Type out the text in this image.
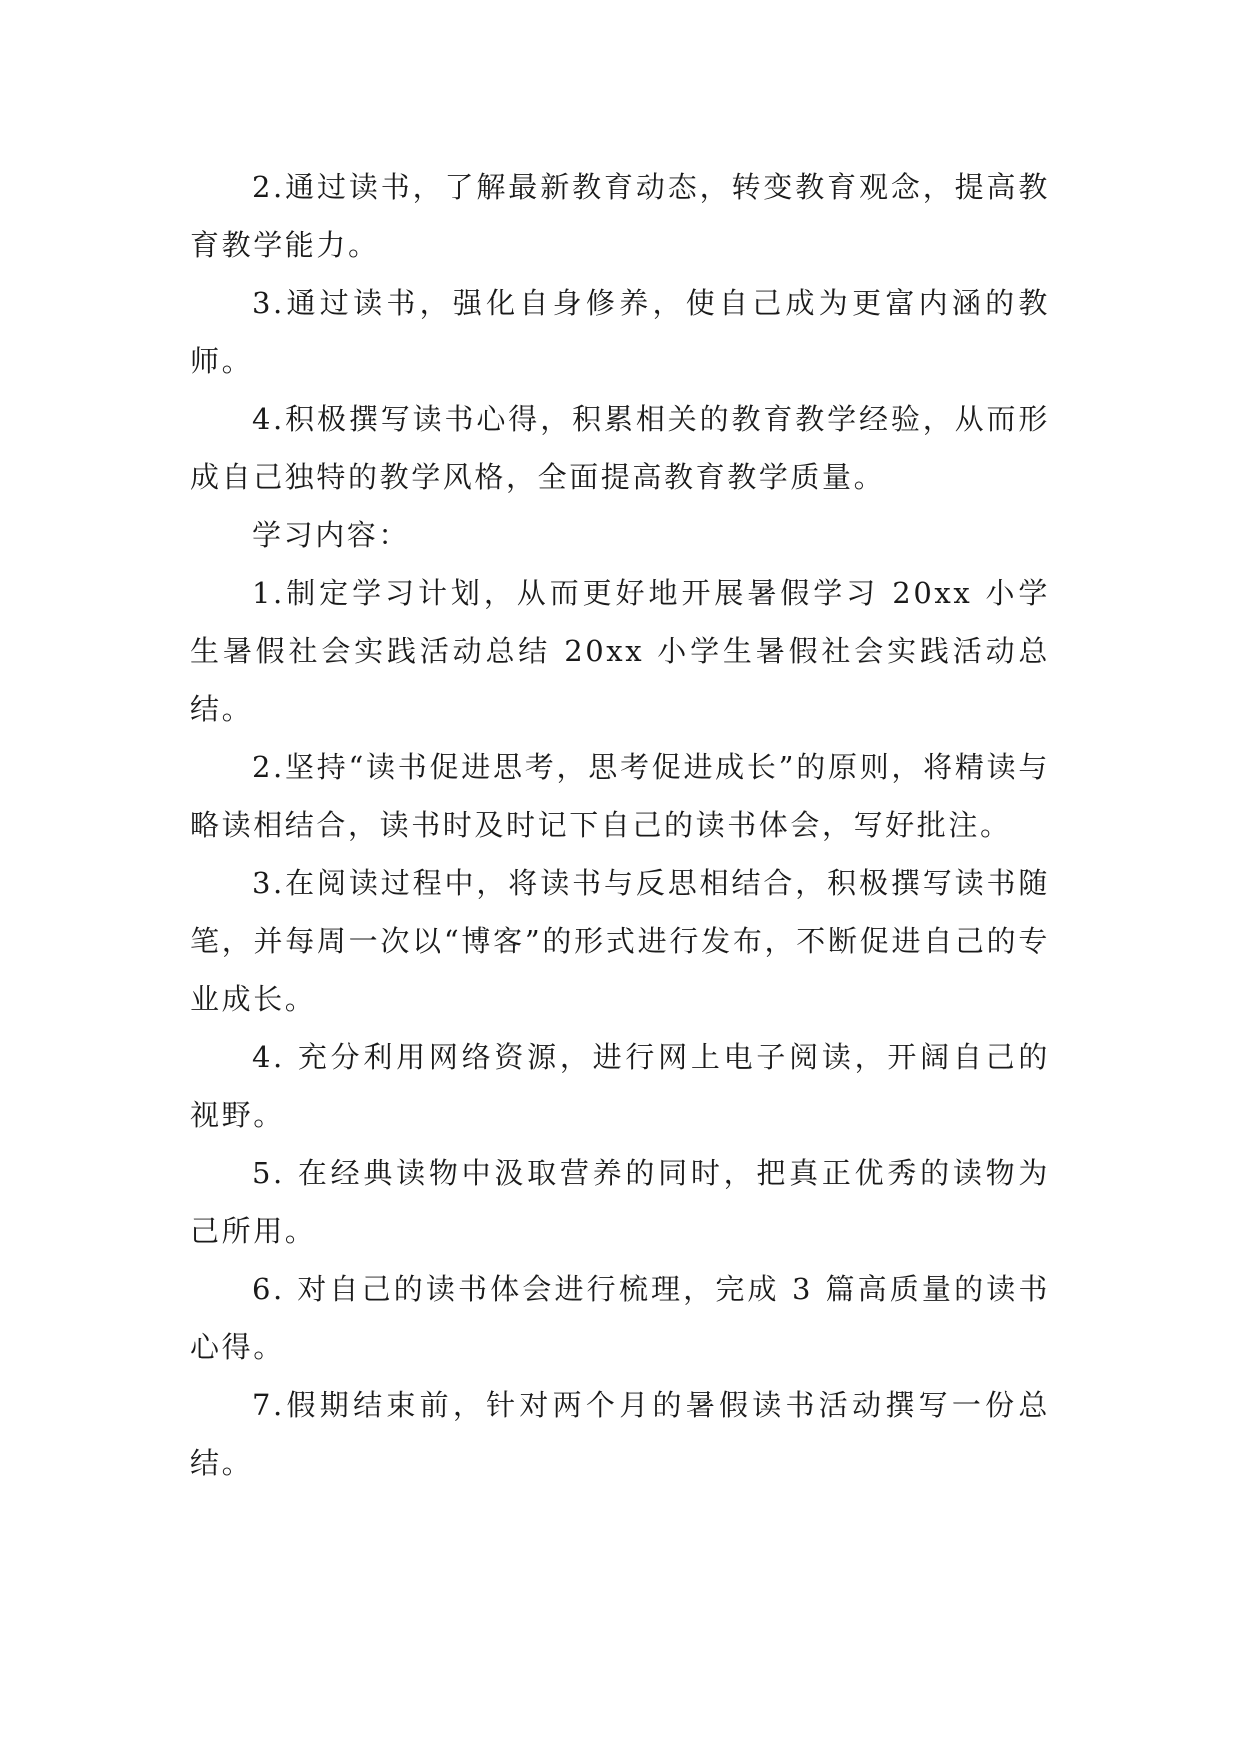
2.通过读书，了解最新教育动态，转变教育观念，提高教育教学能力。

3.通过读书，强化自身修养，使自己成为更富内涵的教师。

4.积极撰写读书心得，积累相关的教育教学经验，从而形成自己独特的教学风格，全面提高教育教学质量。

学习内容：

1.制定学习计划，从而更好地开展暑假学习 20xx 小学生暑假社会实践活动总结 20xx 小学生暑假社会实践活动总结。

2.坚持“读书促进思考，思考促进成长”的原则，将精读与略读相结合，读书时及时记下自己的读书体会，写好批注。

3.在阅读过程中，将读书与反思相结合，积极撰写读书随笔，并每周一次以“博客”的形式进行发布，不断促进自己的专业成长。

4. 充分利用网络资源，进行网上电子阅读，开阔自己的视野。

5. 在经典读物中汲取营养的同时，把真正优秀的读物为己所用。

6. 对自己的读书体会进行梳理，完成 3 篇高质量的读书心得。

7.假期结束前，针对两个月的暑假读书活动撰写一份总结。
